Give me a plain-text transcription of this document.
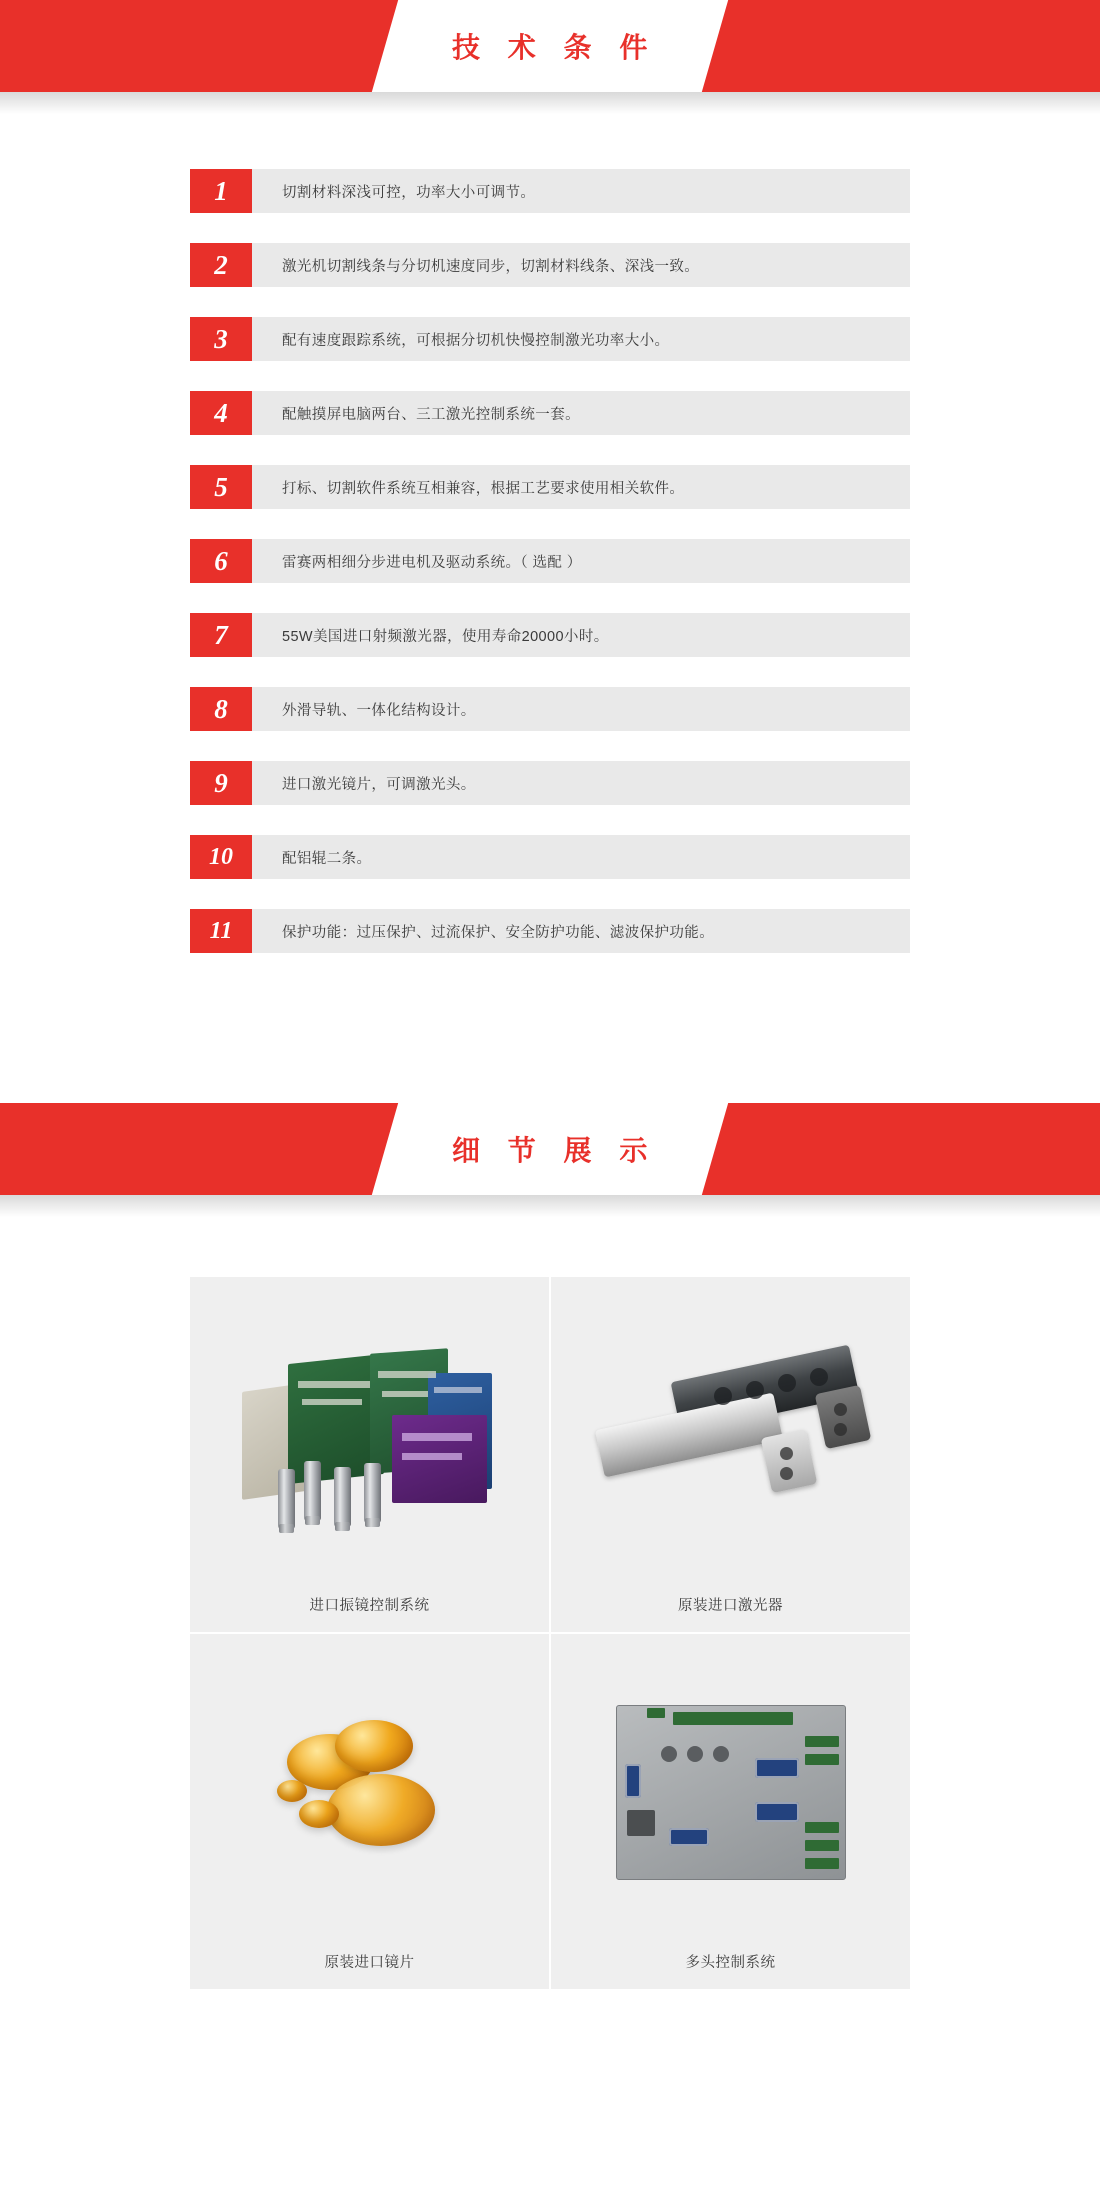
技 术 条 件
1	切割材料深浅可控，功率大小可调节。
2	激光机切割线条与分切机速度同步，切割材料线条、深浅一致。
3	配有速度跟踪系统，可根据分切机快慢控制激光功率大小。
4	配触摸屏电脑两台、三工激光控制系统一套。
5	打标、切割软件系统互相兼容，根据工艺要求使用相关软件。
6	雷赛两相细分步进电机及驱动系统。（ 选配 ）
7	55W美国进口射频激光器，使用寿命20000小时。
8	外滑导轨、一体化结构设计。
9	进口激光镜片，可调激光头。
10	配铝辊二条。
11	保护功能：过压保护、过流保护、安全防护功能、滤波保护功能。
细 节 展 示
进口振镜控制系统	原装进口激光器
原装进口镜片	多头控制系统
